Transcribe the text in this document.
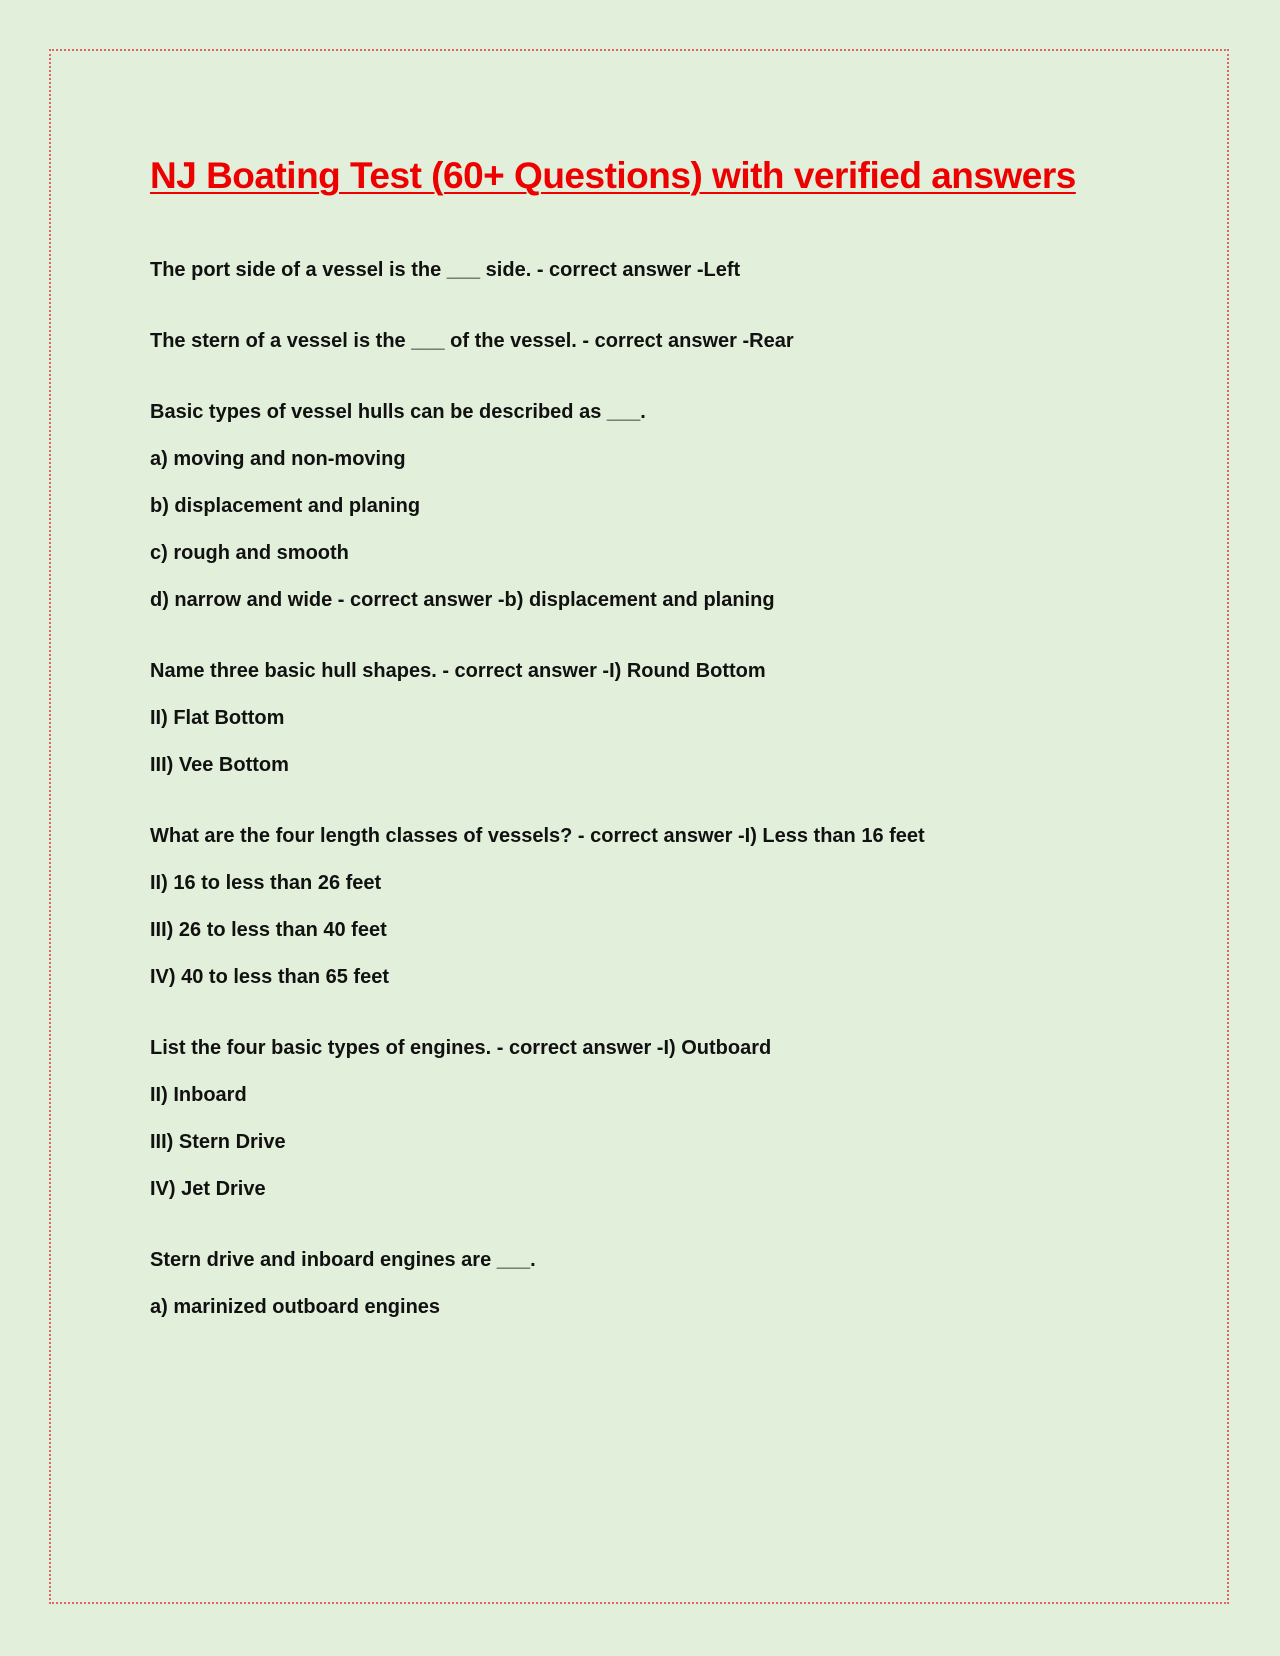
NJ Boating Test (60+ Questions) with verified answers

The port side of a vessel is the ___ side. - correct answer -Left

The stern of a vessel is the ___ of the vessel. - correct answer -Rear

Basic types of vessel hulls can be described as ___.

a) moving and non-moving

b) displacement and planing

c) rough and smooth

d) narrow and wide - correct answer -b) displacement and planing

Name three basic hull shapes. - correct answer -I) Round Bottom

II) Flat Bottom

III) Vee Bottom

What are the four length classes of vessels? - correct answer -I) Less than 16 feet

II) 16 to less than 26 feet

III) 26 to less than 40 feet

IV) 40 to less than 65 feet

List the four basic types of engines. - correct answer -I) Outboard

II) Inboard

III) Stern Drive

IV) Jet Drive

Stern drive and inboard engines are ___.

a) marinized outboard engines
